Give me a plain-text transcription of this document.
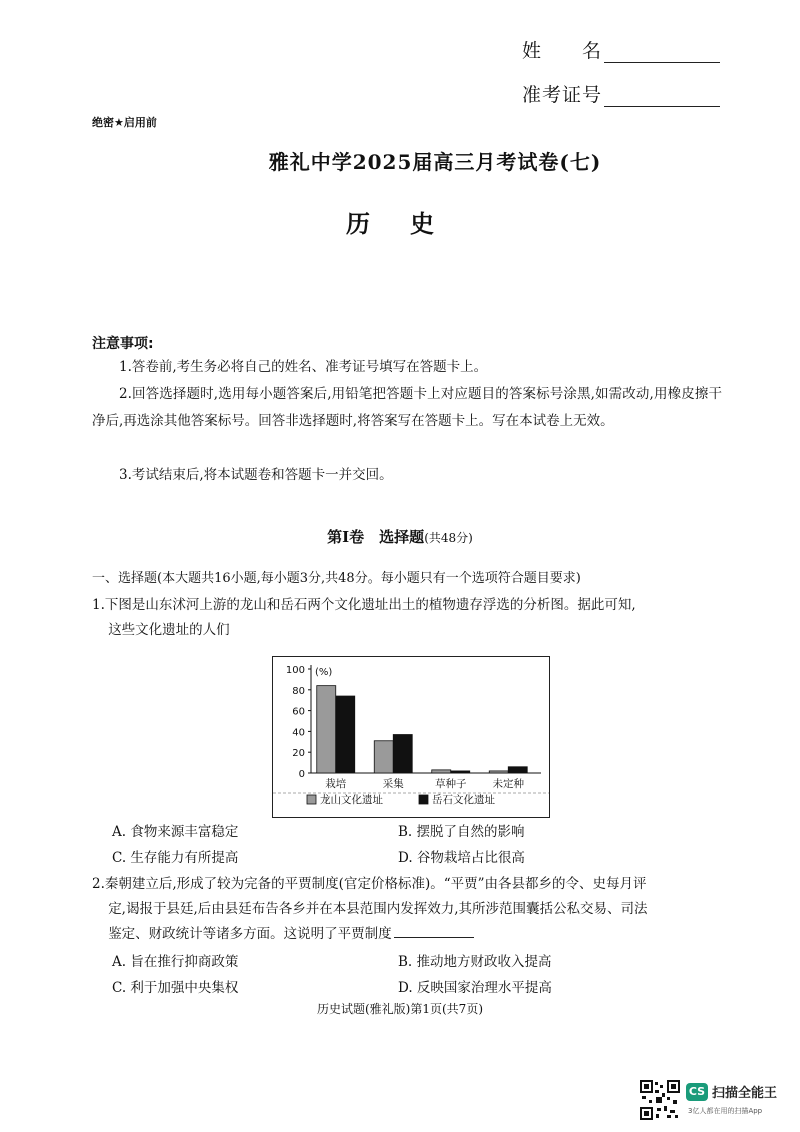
姓　　名
准考证号
绝密★启用前
雅礼中学2025届高三月考试卷(七)
历史
注意事项:
1.答卷前,考生务必将自己的姓名、准考证号填写在答题卡上。
2.回答选择题时,选用每小题答案后,用铅笔把答题卡上对应题目的答案标号涂黑,如需改动,用橡皮擦干净后,再选涂其他答案标号。回答非选择题时,将答案写在答题卡上。写在本试卷上无效。
3.考试结束后,将本试题卷和答题卡一并交回。
第Ⅰ卷　选择题(共48分)
一、选择题(本大题共16小题,每小题3分,共48分。每小题只有一个选项符合题目要求)
1.下图是山东沭河上游的龙山和岳石两个文化遗址出土的植物遗存浮选的分析图。据此可知,
这些文化遗址的人们
0
20
40
60
80
100 (%)
栽培	采集	草种子 未定种
龙山文化遗址	岳石文化遗址
A. 食物来源丰富稳定	B. 摆脱了自然的影响
C. 生存能力有所提高	D. 谷物栽培占比很高
2.秦朝建立后,形成了较为完备的平贾制度(官定价格标准)。“平贾”由各县都乡的令、史每月评
定,谒报于县廷,后由县廷布告各乡并在本县范围内发挥效力,其所涉范围囊括公私交易、司法
鉴定、财政统计等诸多方面。这说明了平贾制度
A. 旨在推行抑商政策	B. 推动地方财政收入提高
C. 利于加强中央集权	D. 反映国家治理水平提高
历史试题(雅礼版)第1页(共7页)
CS 扫描全能王
3亿人都在用的扫描App
